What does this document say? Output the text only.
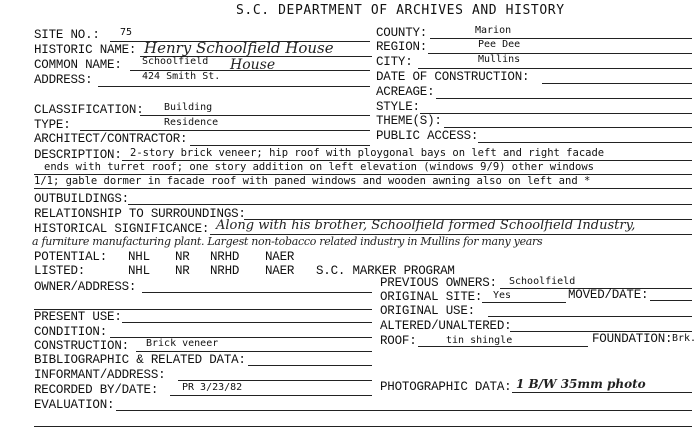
S.C. DEPARTMENT OF ARCHIVES AND HISTORY
SITE NO.: 75	COUNTY:	Marion
HISTORIC NAME: Henry Schoolfield House	REGION:	Pee Dee
COMMON NAME: Schoolfield House	CITY:	Mullins
ADDRESS:	424 Smith St.	DATE OF CONSTRUCTION:
ACREAGE:
CLASSIFICATION: Building	STYLE:
TYPE:	Residence	THEME(S):
ARCHITECT/CONTRACTOR:	PUBLIC ACCESS:
DESCRIPTION: 2-story brick veneer; hip roof with ploygonal bays on left and right facade
ends with turret roof; one story addition on left elevation (windows 9/9) other windows
1/1; gable dormer in facade roof with paned windows and wooden awning also on left and *
OUTBUILDINGS:
RELATIONSHIP TO SURROUNDINGS:
HISTORICAL SIGNIFICANCE: Along with his brother, Schoolfield formed Schoolfield Industry,
a furniture manufacturing plant. Largest non-tobacco related industry in Mullins for many years
POTENTIAL: NHL NR NRHD NAER
LISTED:	NHL NR NRHD NAER S.C. MARKER PROGRAM
OWNER/ADDRESS:	PREVIOUS OWNERS: Schoolfield
ORIGINAL SITE: Yes	MOVED/DATE:
PRESENT USE:	ORIGINAL USE:
CONDITION:	ALTERED/UNALTERED:
CONSTRUCTION: Brick veneer	ROOF:	tin shingle	FOUNDATION: Brk.
BIBLIOGRAPHIC & RELATED DATA:
INFORMANT/ADDRESS:
RECORDED BY/DATE: PR 3/23/82	PHOTOGRAPHIC DATA: 1 B/W 35mm photo
EVALUATION:
